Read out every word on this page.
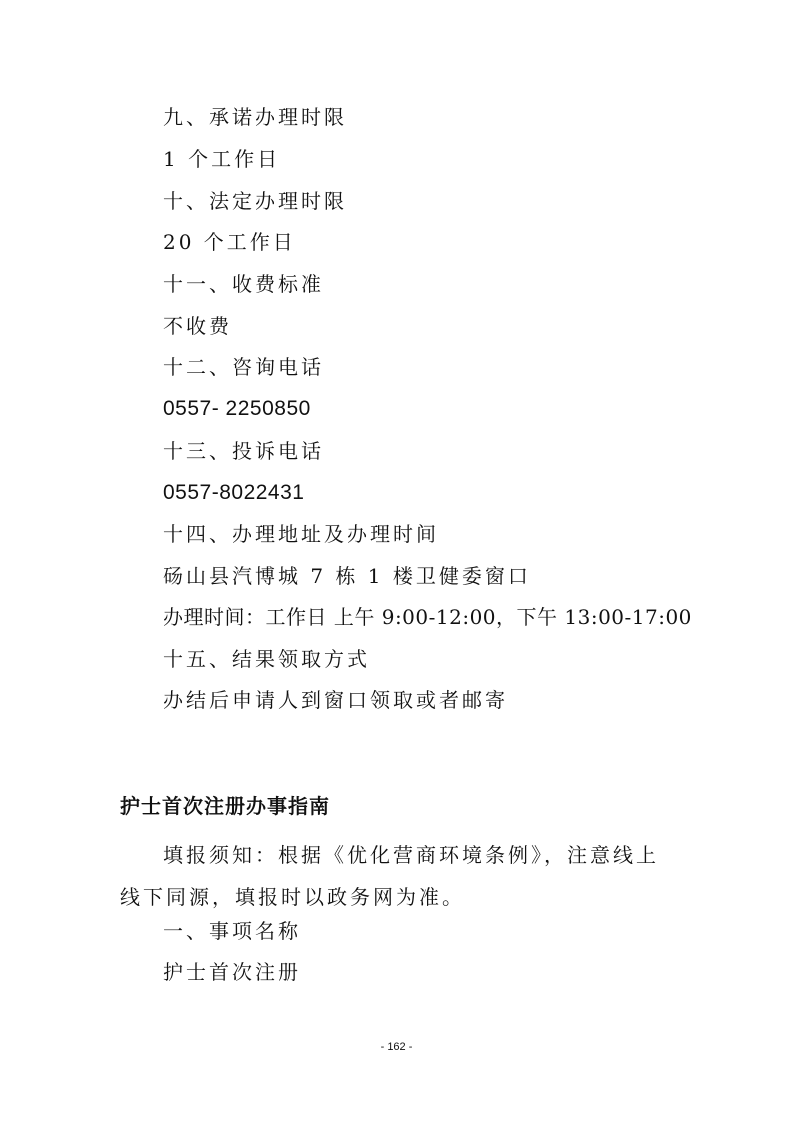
九、承诺办理时限
1 个工作日
十、法定办理时限
20 个工作日
十一、收费标准
不收费
十二、咨询电话
0557- 2250850
十三、投诉电话
0557-8022431
十四、办理地址及办理时间
砀山县汽博城 7 栋 1 楼卫健委窗口
办理时间：工作日 上午 9:00-12:00，下午 13:00-17:00
十五、结果领取方式
办结后申请人到窗口领取或者邮寄
护士首次注册办事指南
填报须知：根据《优化营商环境条例》，注意线上线下同源，填报时以政务网为准。
一、事项名称
护士首次注册
- 162 -
